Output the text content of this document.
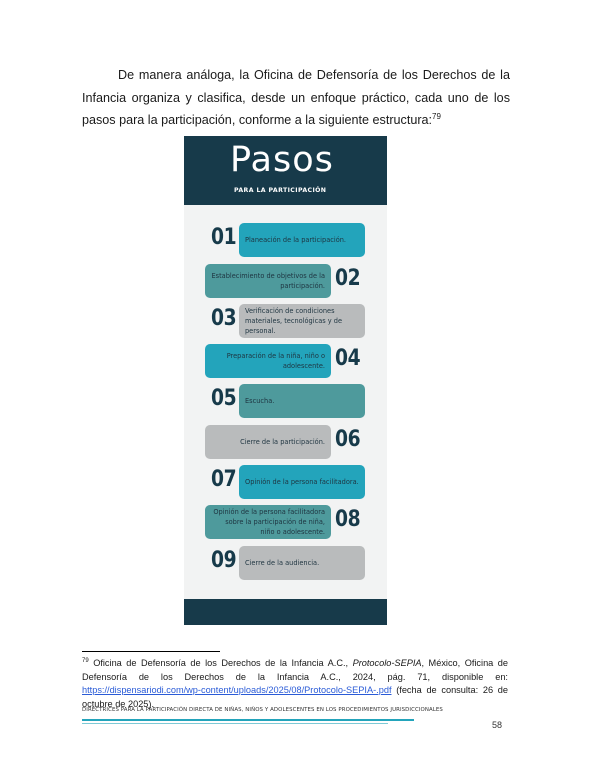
De manera análoga, la Oficina de Defensoría de los Derechos de la Infancia organiza y clasifica, desde un enfoque práctico, cada uno de los pasos para la participación, conforme a la siguiente estructura:$^{79}$
Pasos
PARA LA PARTICIPACIÓN
01	Planeación de la participación.
Establecimiento de objetivos de la participación. 02
03	Verificación de condiciones materiales, tecnológicas y de personal.
Preparación de la niña, niño o adolescente. 04
05	Escucha.
Cierre de la participación. 06
07	Opinión de la persona facilitadora.
Opinión de la persona facilitadora sobre la participación de niña, niño o adolescente. 08
09	Cierre de la audiencia.
$^{79}$ Oficina de Defensoría de los Derechos de la Infancia A.C., Protocolo-SEPIA, México, Oficina de Defensoría de los Derechos de la Infancia A.C., 2024, pág. 71, disponible en: https://dispensariodi.com/wp-content/uploads/2025/08/Protocolo-SEPIA-.pdf (fecha de consulta: 26 de octubre de 2025).
DIRECTRICES PARA LA PARTICIPACIÓN DIRECTA DE NIÑAS, NIÑOS Y ADOLESCENTES EN LOS PROCEDIMIENTOS JURISDICCIONALES
58
